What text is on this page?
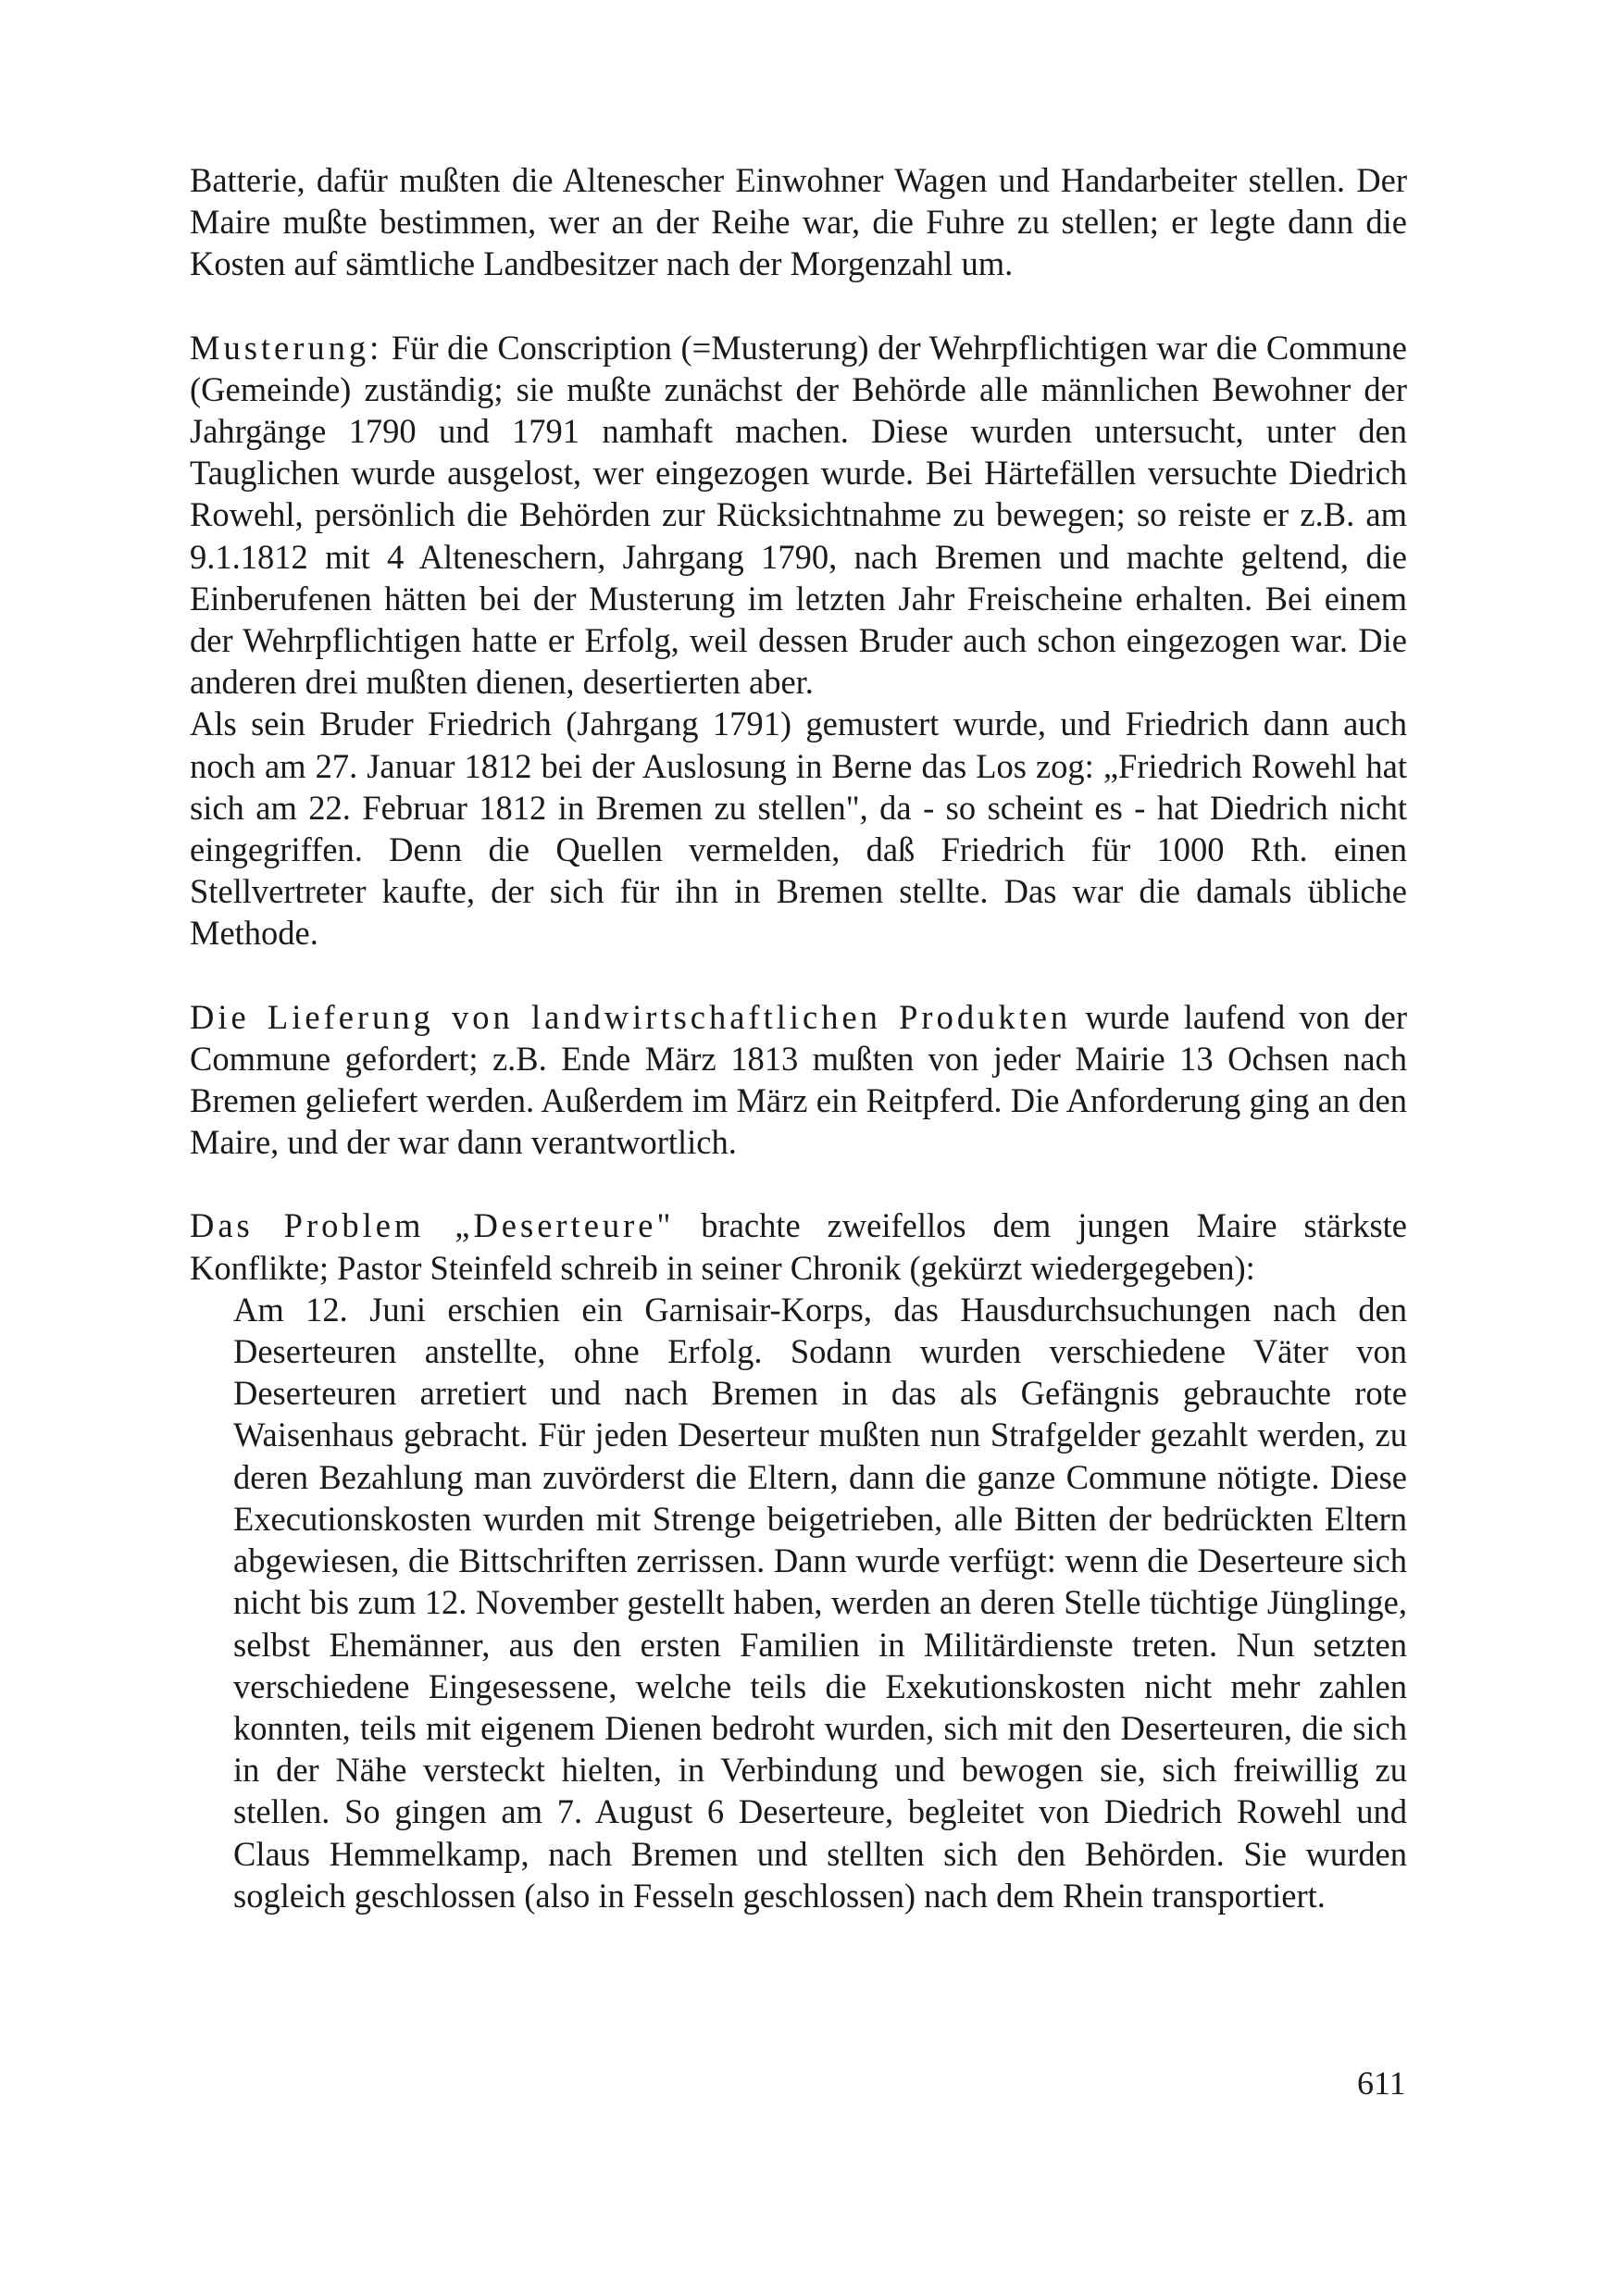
Batterie, dafür mußten die Altenescher Einwohner Wagen und Handarbeiter stellen. Der Maire mußte bestimmen, wer an der Reihe war, die Fuhre zu stellen; er legte dann die Kosten auf sämtliche Landbesitzer nach der Morgenzahl um.

Musterung: Für die Conscription (=Musterung) der Wehrpflichtigen war die Commune (Gemeinde) zuständig; sie mußte zunächst der Behörde alle männlichen Bewohner der Jahrgänge 1790 und 1791 namhaft machen. Diese wurden untersucht, unter den Tauglichen wurde ausgelost, wer eingezogen wurde. Bei Härtefällen versuchte Diedrich Rowehl, persönlich die Behörden zur Rücksichtnahme zu bewegen; so reiste er z.B. am 9.1.1812 mit 4 Alteneschern, Jahrgang 1790, nach Bremen und machte geltend, die Einberufenen hätten bei der Musterung im letzten Jahr Freischeine erhalten. Bei einem der Wehrpflichtigen hatte er Erfolg, weil dessen Bruder auch schon eingezogen war. Die anderen drei mußten dienen, desertierten aber.

Als sein Bruder Friedrich (Jahrgang 1791) gemustert wurde, und Friedrich dann auch noch am 27. Januar 1812 bei der Auslosung in Berne das Los zog: „Friedrich Rowehl hat sich am 22. Februar 1812 in Bremen zu stellen", da - so scheint es - hat Diedrich nicht eingegriffen. Denn die Quellen vermelden, daß Friedrich für 1000 Rth. einen Stellvertreter kaufte, der sich für ihn in Bremen stellte. Das war die damals übliche Methode.

Die Lieferung von landwirtschaftlichen Produkten wurde laufend von der Commune gefordert; z.B. Ende März 1813 mußten von jeder Mairie 13 Ochsen nach Bremen geliefert werden. Außerdem im März ein Reitpferd. Die Anforderung ging an den Maire, und der war dann verantwortlich.

Das Problem „Deserteure" brachte zweifellos dem jungen Maire stärkste Konflikte; Pastor Steinfeld schreib in seiner Chronik (gekürzt wiedergegeben):

Am 12. Juni erschien ein Garnisair-Korps, das Hausdurchsuchungen nach den Deserteuren anstellte, ohne Erfolg. Sodann wurden verschiedene Väter von Deserteuren arretiert und nach Bremen in das als Gefängnis gebrauchte rote Waisenhaus gebracht. Für jeden Deserteur mußten nun Strafgelder gezahlt werden, zu deren Bezahlung man zuvörderst die Eltern, dann die ganze Commune nötigte. Diese Executionskosten wurden mit Strenge beigetrieben, alle Bitten der bedrückten Eltern abgewiesen, die Bittschriften zerrissen. Dann wurde verfügt: wenn die Deserteure sich nicht bis zum 12. November gestellt haben, werden an deren Stelle tüchtige Jünglinge, selbst Ehemänner, aus den ersten Familien in Militärdienste treten. Nun setzten verschiedene Eingesessene, welche teils die Exekutionskosten nicht mehr zahlen konnten, teils mit eigenem Dienen bedroht wurden, sich mit den Deserteuren, die sich in der Nähe versteckt hielten, in Verbindung und bewogen sie, sich freiwillig zu stellen. So gingen am 7. August 6 Deserteure, begleitet von Diedrich Rowehl und Claus Hemmelkamp, nach Bremen und stellten sich den Behörden. Sie wurden sogleich geschlossen (also in Fesseln geschlossen) nach dem Rhein transportiert.

611
